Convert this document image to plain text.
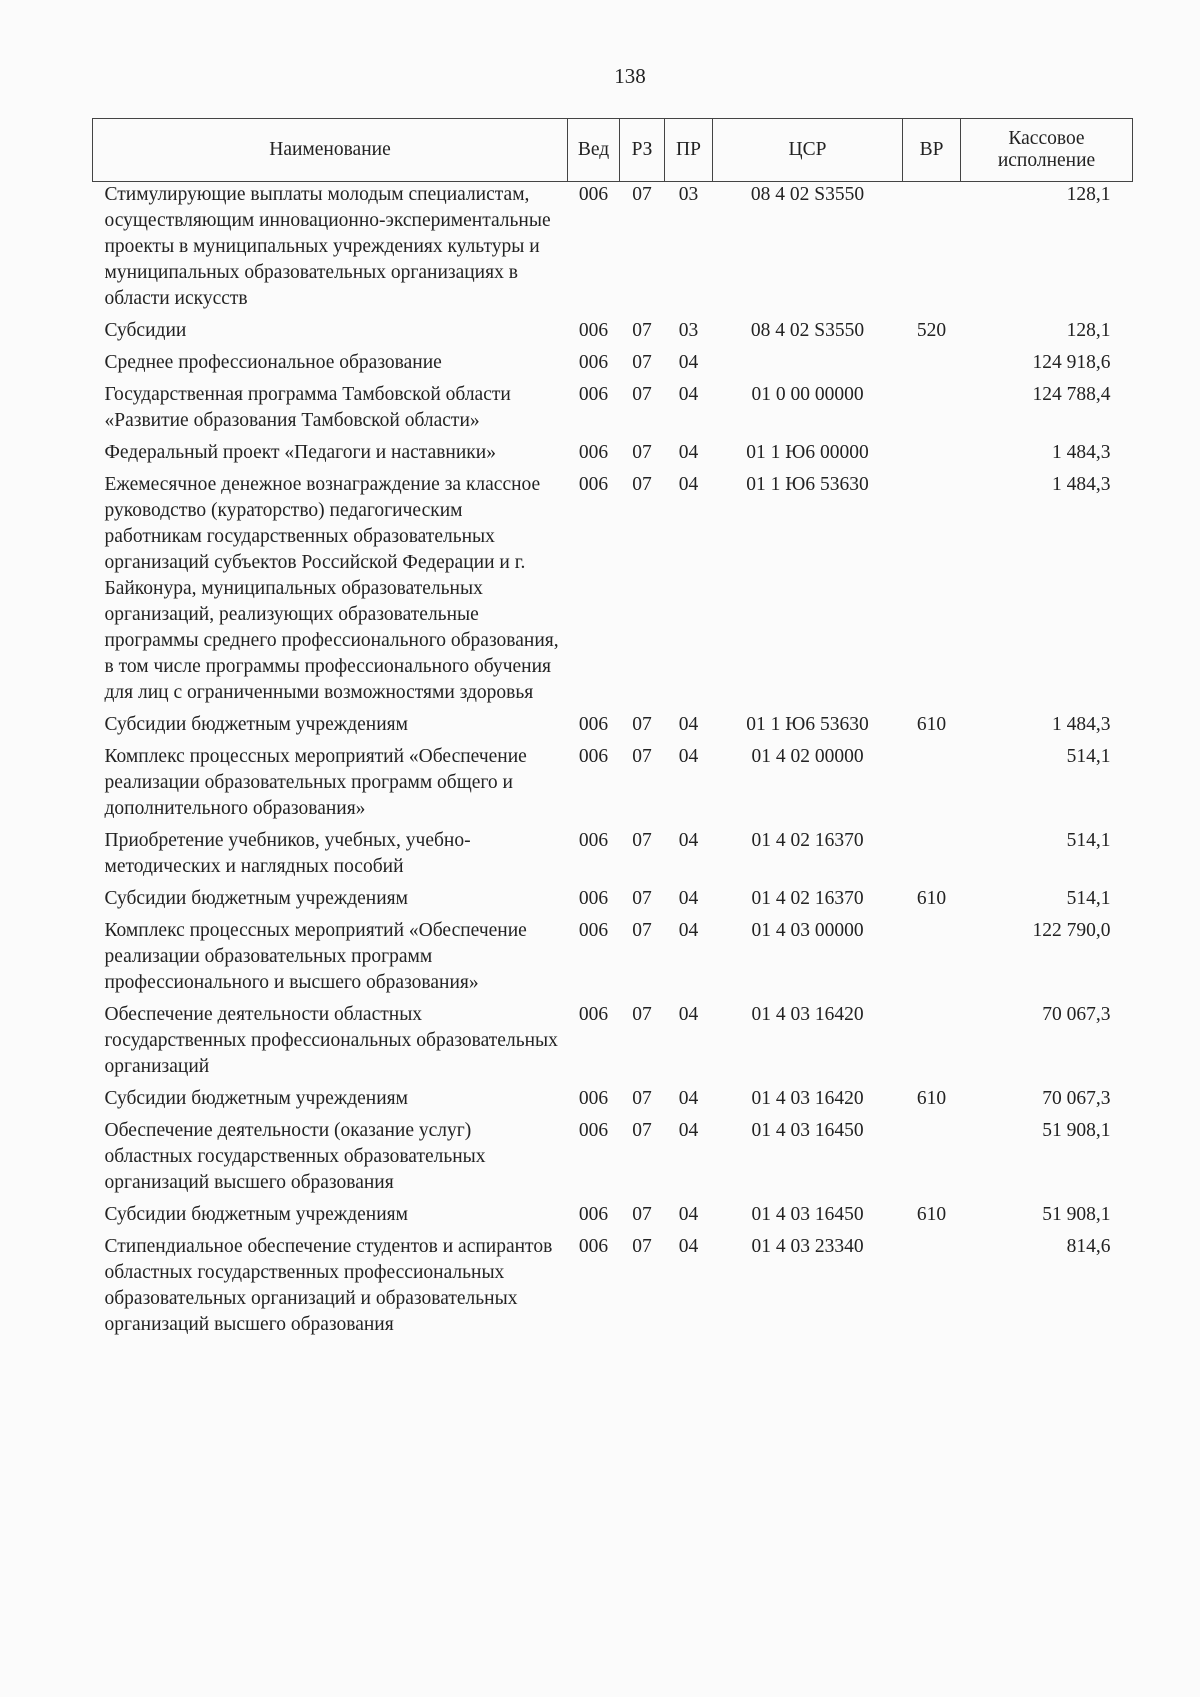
138
Наименование	Вед	РЗ	ПР	ЦСР	ВР	Кассовое исполнение
Стимулирующие выплаты молодым специалистам, осуществляющим инновационно-экспериментальные проекты в муниципальных учреждениях культуры и муниципальных образовательных организациях в области искусств	006	07	03	08 4 02 S3550		128,1
Субсидии	006	07	03	08 4 02 S3550	520	128,1
Среднее профессиональное образование	006	07	04			124 918,6
Государственная программа Тамбовской области «Развитие образования Тамбовской области»	006	07	04	01 0 00 00000		124 788,4
Федеральный проект «Педагоги и наставники»	006	07	04	01 1 Ю6 00000		1 484,3
Ежемесячное денежное вознаграждение за классное руководство (кураторство) педагогическим работникам государственных образовательных организаций субъектов Российской Федерации и г. Байконура, муниципальных образовательных организаций, реализующих образовательные программы среднего профессионального образования, в том числе программы профессионального обучения для лиц с ограниченными возможностями здоровья	006	07	04	01 1 Ю6 53630		1 484,3
Субсидии бюджетным учреждениям	006	07	04	01 1 Ю6 53630	610	1 484,3
Комплекс процессных мероприятий «Обеспечение реализации образовательных программ общего и дополнительного образования»	006	07	04	01 4 02 00000		514,1
Приобретение учебников, учебных, учебно-методических и наглядных пособий	006	07	04	01 4 02 16370		514,1
Субсидии бюджетным учреждениям	006	07	04	01 4 02 16370	610	514,1
Комплекс процессных мероприятий «Обеспечение реализации образовательных программ профессионального и высшего образования»	006	07	04	01 4 03 00000		122 790,0
Обеспечение деятельности областных государственных профессиональных образовательных организаций	006	07	04	01 4 03 16420		70 067,3
Субсидии бюджетным учреждениям	006	07	04	01 4 03 16420	610	70 067,3
Обеспечение деятельности (оказание услуг) областных государственных образовательных организаций высшего образования	006	07	04	01 4 03 16450		51 908,1
Субсидии бюджетным учреждениям	006	07	04	01 4 03 16450	610	51 908,1
Стипендиальное обеспечение студентов и аспирантов областных государственных профессиональных образовательных организаций и образовательных организаций высшего образования	006	07	04	01 4 03 23340		814,6
